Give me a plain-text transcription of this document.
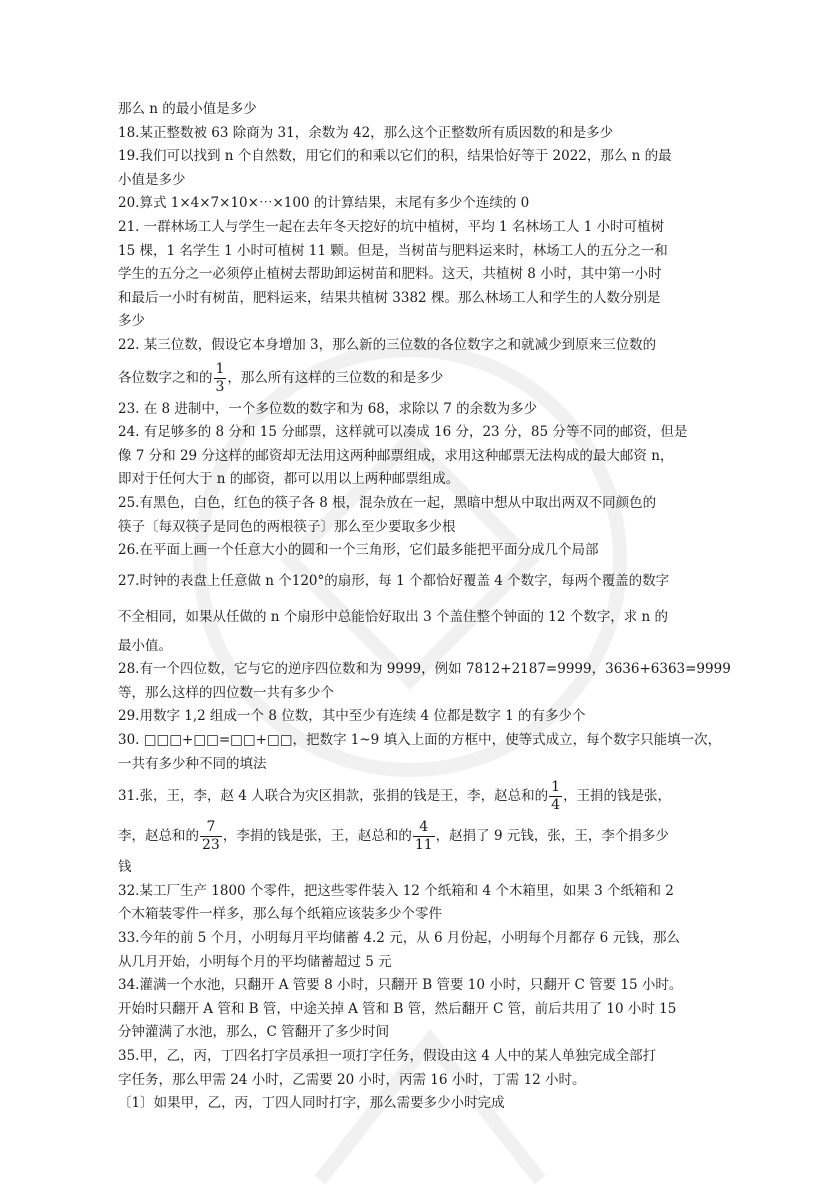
那么 n 的最小值是多少
18.某正整数被 63 除商为 31，余数为 42，那么这个正整数所有质因数的和是多少
19.我们可以找到 n 个自然数，用它们的和乘以它们的积，结果恰好等于 2022，那么 n 的最
小值是多少
20.算式 1×4×7×10×⋯×100 的计算结果，末尾有多少个连续的 0
21. 一群林场工人与学生一起在去年冬天挖好的坑中植树，平均 1 名林场工人 1 小时可植树
15 棵，1 名学生 1 小时可植树 11 颗。但是，当树苗与肥料运来时，林场工人的五分之一和
学生的五分之一必须停止植树去帮助卸运树苗和肥料。这天，共植树 8 小时，其中第一小时
和最后一小时有树苗，肥料运来，结果共植树 3382 棵。那么林场工人和学生的人数分别是
多少
22. 某三位数，假设它本身增加 3，那么新的三位数的各位数字之和就减少到原来三位数的
各位数字之和的 $\frac{1}{3}$ ，那么所有这样的三位数的和是多少
23. 在 8 进制中，一个多位数的数字和为 68，求除以 7 的余数为多少
24. 有足够多的 8 分和 15 分邮票，这样就可以凑成 16 分，23 分，85 分等不同的邮资，但是
像 7 分和 29 分这样的邮资却无法用这两种邮票组成，求用这种邮票无法构成的最大邮资 n，
即对于任何大于 n 的邮资，都可以用以上两种邮票组成。
25.有黑色，白色，红色的筷子各 8 根，混杂放在一起，黑暗中想从中取出两双不同颜色的
筷子〔每双筷子是同色的两根筷子〕那么至少要取多少根
26.在平面上画一个任意大小的圆和一个三角形，它们最多能把平面分成几个局部
27.时钟的表盘上任意做 n 个120°的扇形，每 1 个都恰好覆盖 4 个数字，每两个覆盖的数字
不全相同，如果从任做的 n 个扇形中总能恰好取出 3 个盖住整个钟面的 12 个数字，求 n 的
最小值。
28.有一个四位数，它与它的逆序四位数和为 9999，例如 7812+2187=9999，3636+6363=9999
等，那么这样的四位数一共有多少个
29.用数字 1,2 组成一个 8 位数，其中至少有连续 4 位都是数字 1 的有多少个
30. □□□+□□=□□+□□，把数字 1~9 填入上面的方框中，使等式成立，每个数字只能填一次，
一共有多少种不同的填法
31.张，王，李，赵 4 人联合为灾区捐款，张捐的钱是王，李，赵总和的 $\frac{1}{4}$ ，王捐的钱是张，
李，赵总和的 $\frac{7}{23}$ ，李捐的钱是张，王，赵总和的 $\frac{4}{11}$ ，赵捐了 9 元钱，张，王，李个捐多少
钱
32.某工厂生产 1800 个零件，把这些零件装入 12 个纸箱和 4 个木箱里，如果 3 个纸箱和 2
个木箱装零件一样多，那么每个纸箱应该装多少个零件
33.今年的前 5 个月，小明每月平均储蓄 4.2 元，从 6 月份起，小明每个月都存 6 元钱，那么
从几月开始，小明每个月的平均储蓄超过 5 元
34.灌满一个水池，只翻开 A 管要 8 小时，只翻开 B 管要 10 小时，只翻开 C 管要 15 小时。
开始时只翻开 A 管和 B 管，中途关掉 A 管和 B 管，然后翻开 C 管，前后共用了 10 小时 15
分钟灌满了水池，那么，C 管翻开了多少时间
35.甲，乙，丙，丁四名打字员承担一项打字任务，假设由这 4 人中的某人单独完成全部打
字任务，那么甲需 24 小时，乙需要 20 小时，丙需 16 小时，丁需 12 小时。
〔1〕如果甲，乙，丙，丁四人同时打字，那么需要多少小时完成
